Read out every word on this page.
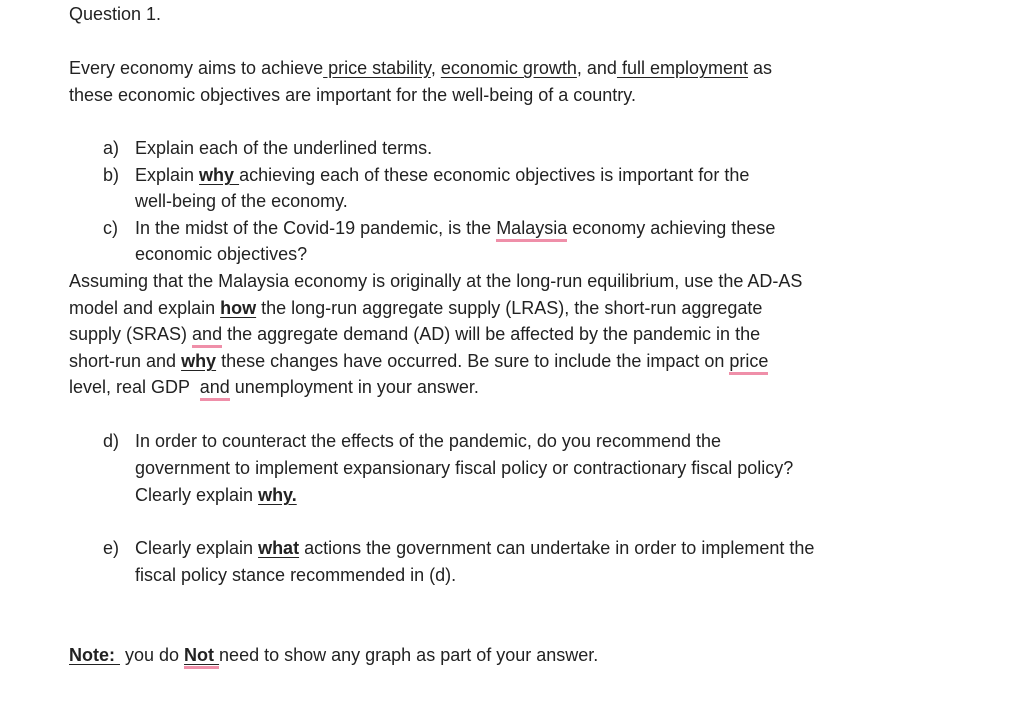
Question 1.
Every economy aims to achieve price stability, economic growth, and full employment as
these economic objectives are important for the well-being of a country.
a) Explain each of the underlined terms.
b) Explain why achieving each of these economic objectives is important for the
well-being of the economy.
c) In the midst of the Covid-19 pandemic, is the Malaysia economy achieving these
economic objectives?
Assuming that the Malaysia economy is originally at the long-run equilibrium, use the AD-AS
model and explain how the long-run aggregate supply (LRAS), the short-run aggregate
supply (SRAS) and the aggregate demand (AD) will be affected by the pandemic in the
short-run and why these changes have occurred. Be sure to include the impact on price
level, real GDP  and unemployment in your answer.
d) In order to counteract the effects of the pandemic, do you recommend the
government to implement expansionary fiscal policy or contractionary fiscal policy?
Clearly explain why.
e) Clearly explain what actions the government can undertake in order to implement the
fiscal policy stance recommended in (d).
Note:  you do Not need to show any graph as part of your answer.
